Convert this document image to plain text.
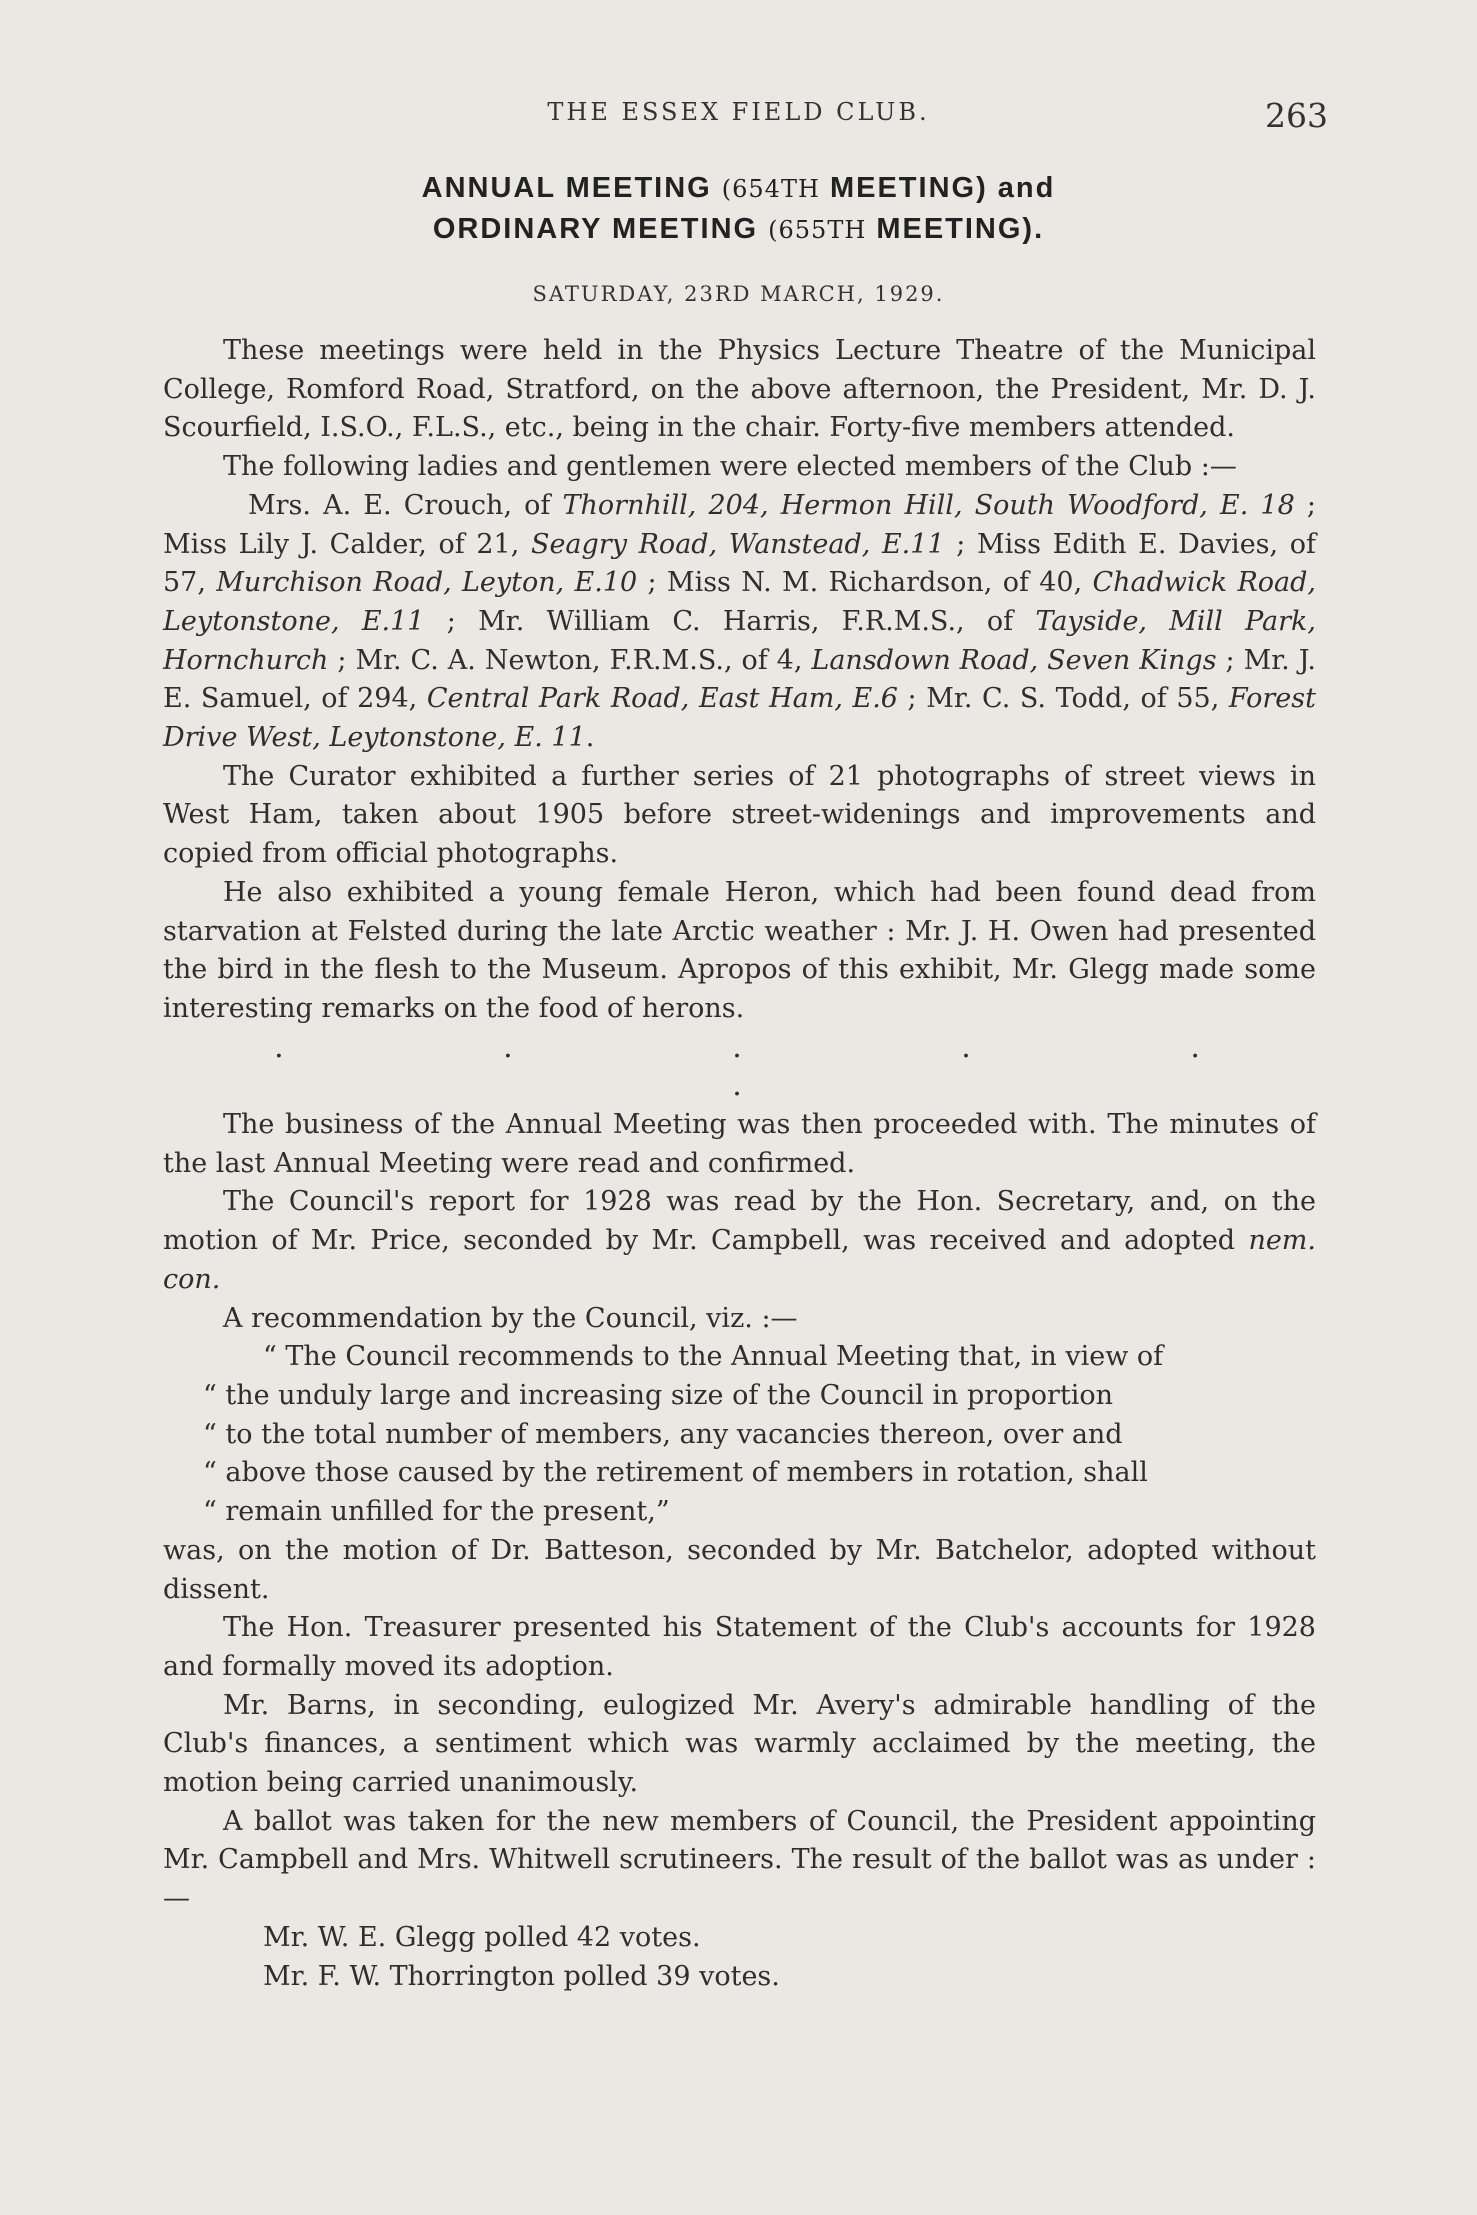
THE ESSEX FIELD CLUB.	263
ANNUAL MEETING (654TH MEETING) and
ORDINARY MEETING (655TH MEETING).
SATURDAY, 23RD MARCH, 1929.

These meetings were held in the Physics Lecture Theatre of the Municipal College, Romford Road, Stratford, on the above afternoon, the President, Mr. D. J. Scourfield, I.S.O., F.L.S., etc., being in the chair. Forty-five members attended.

The following ladies and gentlemen were elected members of the Club :—

Mrs. A. E. Crouch, of Thornhill, 204, Hermon Hill, South Woodford, E. 18 ; Miss Lily J. Calder, of 21, Seagry Road, Wanstead, E.11 ; Miss Edith E. Davies, of 57, Murchison Road, Leyton, E.10 ; Miss N. M. Richardson, of 40, Chadwick Road, Leytonstone, E.11 ; Mr. William C. Harris, F.R.M.S., of Tayside, Mill Park, Hornchurch ; Mr. C. A. Newton, F.R.M.S., of 4, Lansdown Road, Seven Kings ; Mr. J. E. Samuel, of 294, Central Park Road, East Ham, E.6 ; Mr. C. S. Todd, of 55, Forest Drive West, Leytonstone, E. 11.

The Curator exhibited a further series of 21 photographs of street views in West Ham, taken about 1905 before street-widenings and improvements and copied from official photographs.

He also exhibited a young female Heron, which had been found dead from starvation at Felsted during the late Arctic weather : Mr. J. H. Owen had presented the bird in the flesh to the Museum. Apropos of this exhibit, Mr. Glegg made some interesting remarks on the food of herons.

. . . . . .

The business of the Annual Meeting was then proceeded with. The minutes of the last Annual Meeting were read and confirmed.

The Council's report for 1928 was read by the Hon. Secretary, and, on the motion of Mr. Price, seconded by Mr. Campbell, was received and adopted nem. con.

A recommendation by the Council, viz. :—

“ The Council recommends to the Annual Meeting that, in view of
“ the unduly large and increasing size of the Council in proportion
“ to the total number of members, any vacancies thereon, over and
“ above those caused by the retirement of members in rotation, shall
“ remain unfilled for the present,”

was, on the motion of Dr. Batteson, seconded by Mr. Batchelor, adopted without dissent.

The Hon. Treasurer presented his Statement of the Club's accounts for 1928 and formally moved its adoption.

Mr. Barns, in seconding, eulogized Mr. Avery's admirable handling of the Club's finances, a sentiment which was warmly acclaimed by the meeting, the motion being carried unanimously.

A ballot was taken for the new members of Council, the President appointing Mr. Campbell and Mrs. Whitwell scrutineers. The result of the ballot was as under :—

Mr. W. E. Glegg polled 42 votes.

Mr. F. W. Thorrington polled 39 votes.
